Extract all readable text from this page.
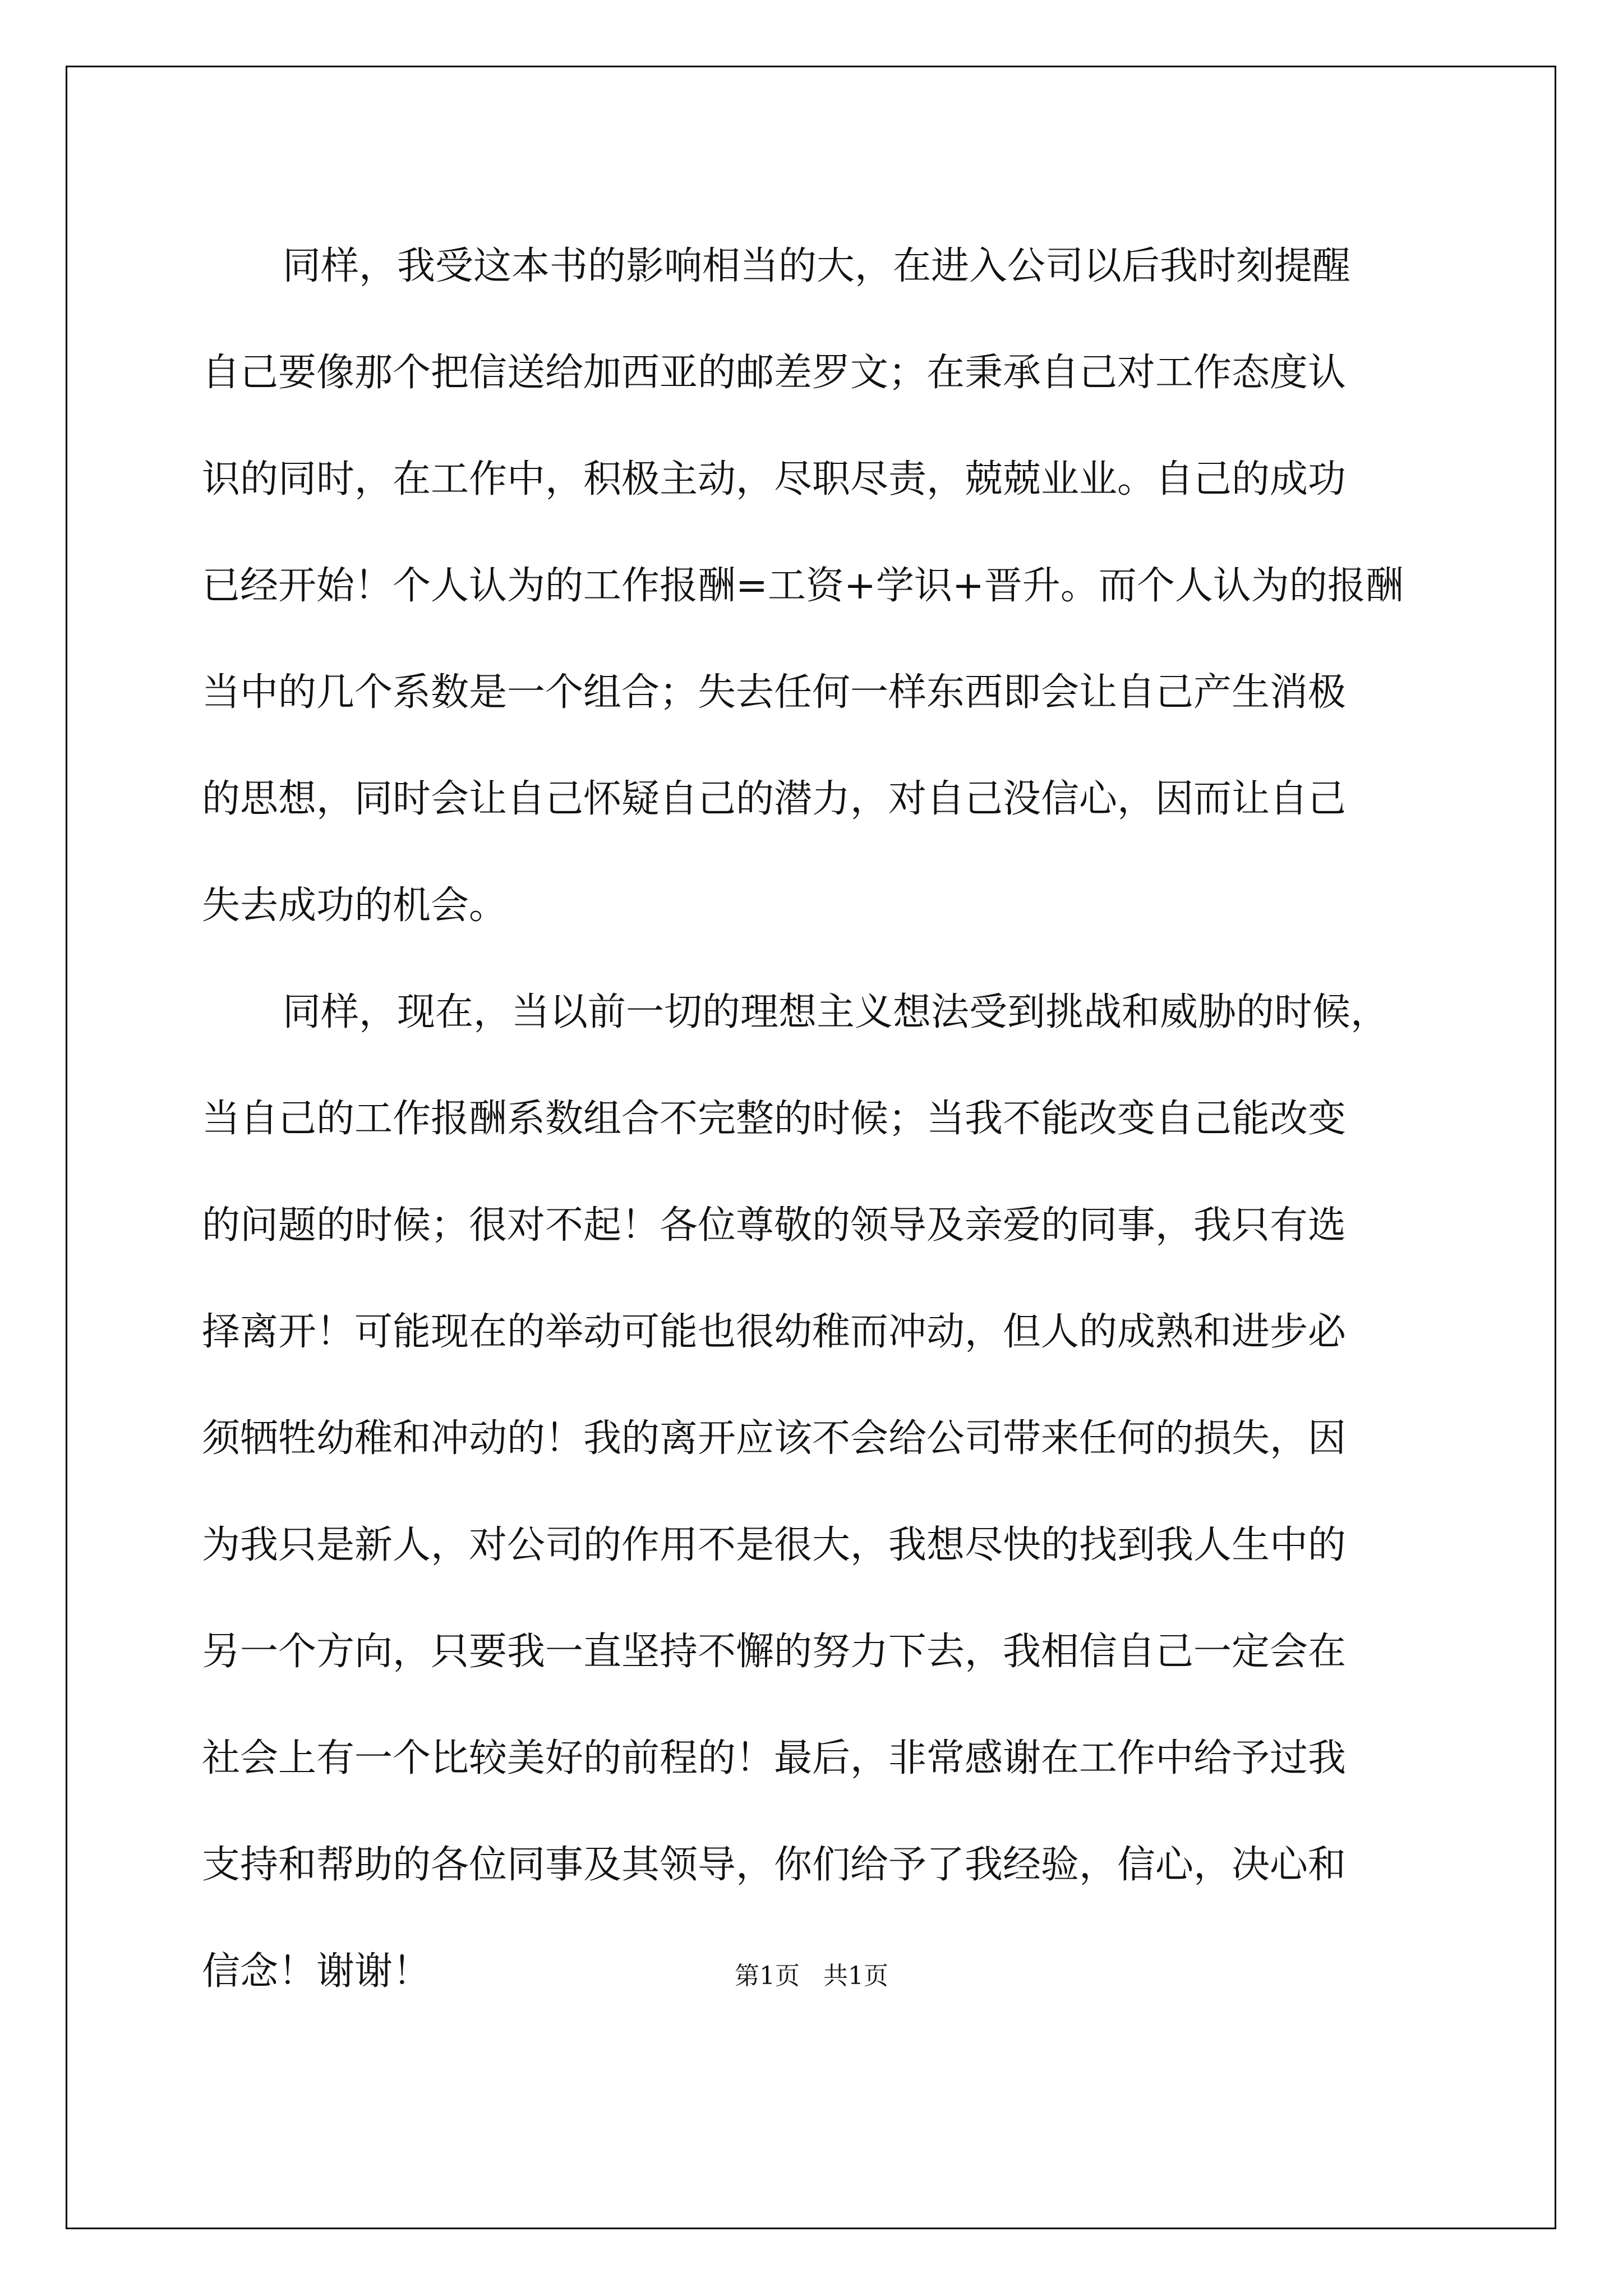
同样，我受这本书的影响相当的大，在进入公司以后我时刻提醒
自己要像那个把信送给加西亚的邮差罗文；在秉承自己对工作态度认
识的同时，在工作中，积极主动，尽职尽责，兢兢业业。自己的成功
已经开始！个人认为的工作报酬=工资+学识+晋升。而个人认为的报酬
当中的几个系数是一个组合；失去任何一样东西即会让自己产生消极
的思想，同时会让自己怀疑自己的潜力，对自己没信心，因而让自己
失去成功的机会。
同样，现在，当以前一切的理想主义想法受到挑战和威胁的时候，
当自己的工作报酬系数组合不完整的时候；当我不能改变自己能改变
的问题的时候；很对不起！各位尊敬的领导及亲爱的同事，我只有选
择离开！可能现在的举动可能也很幼稚而冲动，但人的成熟和进步必
须牺牲幼稚和冲动的！我的离开应该不会给公司带来任何的损失，因
为我只是新人，对公司的作用不是很大，我想尽快的找到我人生中的
另一个方向，只要我一直坚持不懈的努力下去，我相信自己一定会在
社会上有一个比较美好的前程的！最后，非常感谢在工作中给予过我
支持和帮助的各位同事及其领导，你们给予了我经验，信心，决心和
信念！谢谢！	第1页 共1页
